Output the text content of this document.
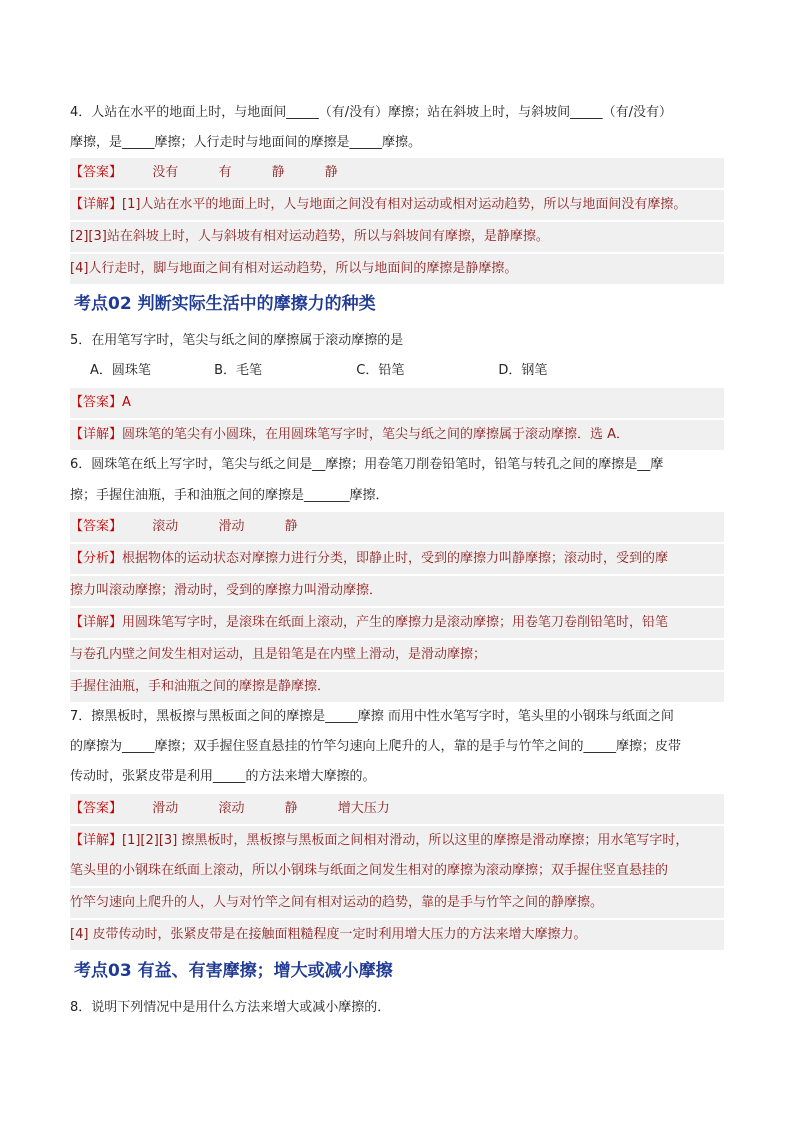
4．人站在水平的地面上时，与地面间_____（有/没有）摩擦；站在斜坡上时，与斜坡间_____（有/没有）
摩擦，是_____摩擦；人行走时与地面间的摩擦是_____摩擦。
【答案】 没有	有	静	静
【详解】[1]人站在水平的地面上时，人与地面之间没有相对运动或相对运动趋势，所以与地面间没有摩擦。
[2][3]站在斜坡上时，人与斜坡有相对运动趋势，所以与斜坡间有摩擦，是静摩擦。
[4]人行走时，脚与地面之间有相对运动趋势，所以与地面间的摩擦是静摩擦。
考点02 判断实际生活中的摩擦力的种类
5．在用笔写字时，笔尖与纸之间的摩擦属于滚动摩擦的是
A．圆珠笔	B．毛笔	C．铅笔	D．钢笔
【答案】A
【详解】圆珠笔的笔尖有小圆珠，在用圆珠笔写字时，笔尖与纸之间的摩擦属于滚动摩擦．选 A．
6．圆珠笔在纸上写字时，笔尖与纸之间是__摩擦；用卷笔刀削卷铅笔时，铅笔与转孔之间的摩擦是__摩
擦；手握住油瓶，手和油瓶之间的摩擦是_______摩擦．
【答案】 滚动	滑动	静
【分析】根据物体的运动状态对摩擦力进行分类，即静止时，受到的摩擦力叫静摩擦；滚动时，受到的摩
擦力叫滚动摩擦；滑动时，受到的摩擦力叫滑动摩擦．
【详解】用圆珠笔写字时，是滚珠在纸面上滚动，产生的摩擦力是滚动摩擦；用卷笔刀卷削铅笔时，铅笔
与卷孔内壁之间发生相对运动，且是铅笔是在内壁上滑动，是滑动摩擦；
手握住油瓶，手和油瓶之间的摩擦是静摩擦．
7．擦黑板时，黑板擦与黑板面之间的摩擦是_____摩擦 而用中性水笔写字时，笔头里的小钢珠与纸面之间
的摩擦为_____摩擦；双手握住竖直悬挂的竹竿匀速向上爬升的人，靠的是手与竹竿之间的_____摩擦；皮带
传动时，张紧皮带是利用_____的方法来增大摩擦的。
【答案】 滑动	滚动	静	增大压力
【详解】[1][2][3] 擦黑板时，黑板擦与黑板面之间相对滑动，所以这里的摩擦是滑动摩擦；用水笔写字时，
笔头里的小钢珠在纸面上滚动，所以小钢珠与纸面之间发生相对的摩擦为滚动摩擦；双手握住竖直悬挂的
竹竿匀速向上爬升的人，人与对竹竿之间有相对运动的趋势，靠的是手与竹竿之间的静摩擦。
[4] 皮带传动时，张紧皮带是在接触面粗糙程度一定时利用增大压力的方法来增大摩擦力。
考点03 有益、有害摩擦；增大或减小摩擦
8．说明下列情况中是用什么方法来增大或减小摩擦的．
